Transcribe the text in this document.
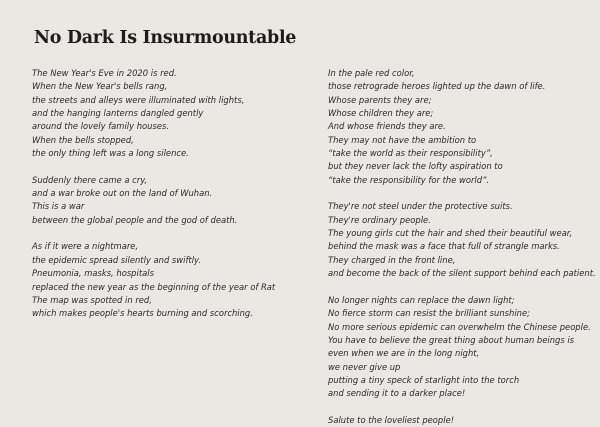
No Dark Is Insurmountable
The New Year's Eve in 2020 is red.
When the New Year's bells rang,
the streets and alleys were illuminated with lights,
and the hanging lanterns dangled gently
around the lovely family houses.
When the bells stopped,
the only thing left was a long silence.
Suddenly there came a cry,
and a war broke out on the land of Wuhan.
This is a war
between the global people and the god of death.
As if it were a nightmare,
the epidemic spread silently and swiftly.
Pneumonia, masks, hospitals
replaced the new year as the beginning of the year of Rat
The map was spotted in red,
which makes people's hearts burning and scorching.
In the pale red color,
those retrograde heroes lighted up the dawn of life.
Whose parents they are;
Whose children they are;
And whose friends they are.
They may not have the ambition to
“take the world as their responsibility”,
but they never lack the lofty aspiration to
“take the responsibility for the world”.
They're not steel under the protective suits.
They're ordinary people.
The young girls cut the hair and shed their beautiful wear,
behind the mask was a face that full of strangle marks.
They charged in the front line,
and become the back of the silent support behind each patient.
No longer nights can replace the dawn light;
No fierce storm can resist the brilliant sunshine;
No more serious epidemic can overwhelm the Chinese people.
You have to believe the great thing about human beings is
even when we are in the long night,
we never give up
putting a tiny speck of starlight into the torch
and sending it to a darker place!
Salute to the loveliest people!
